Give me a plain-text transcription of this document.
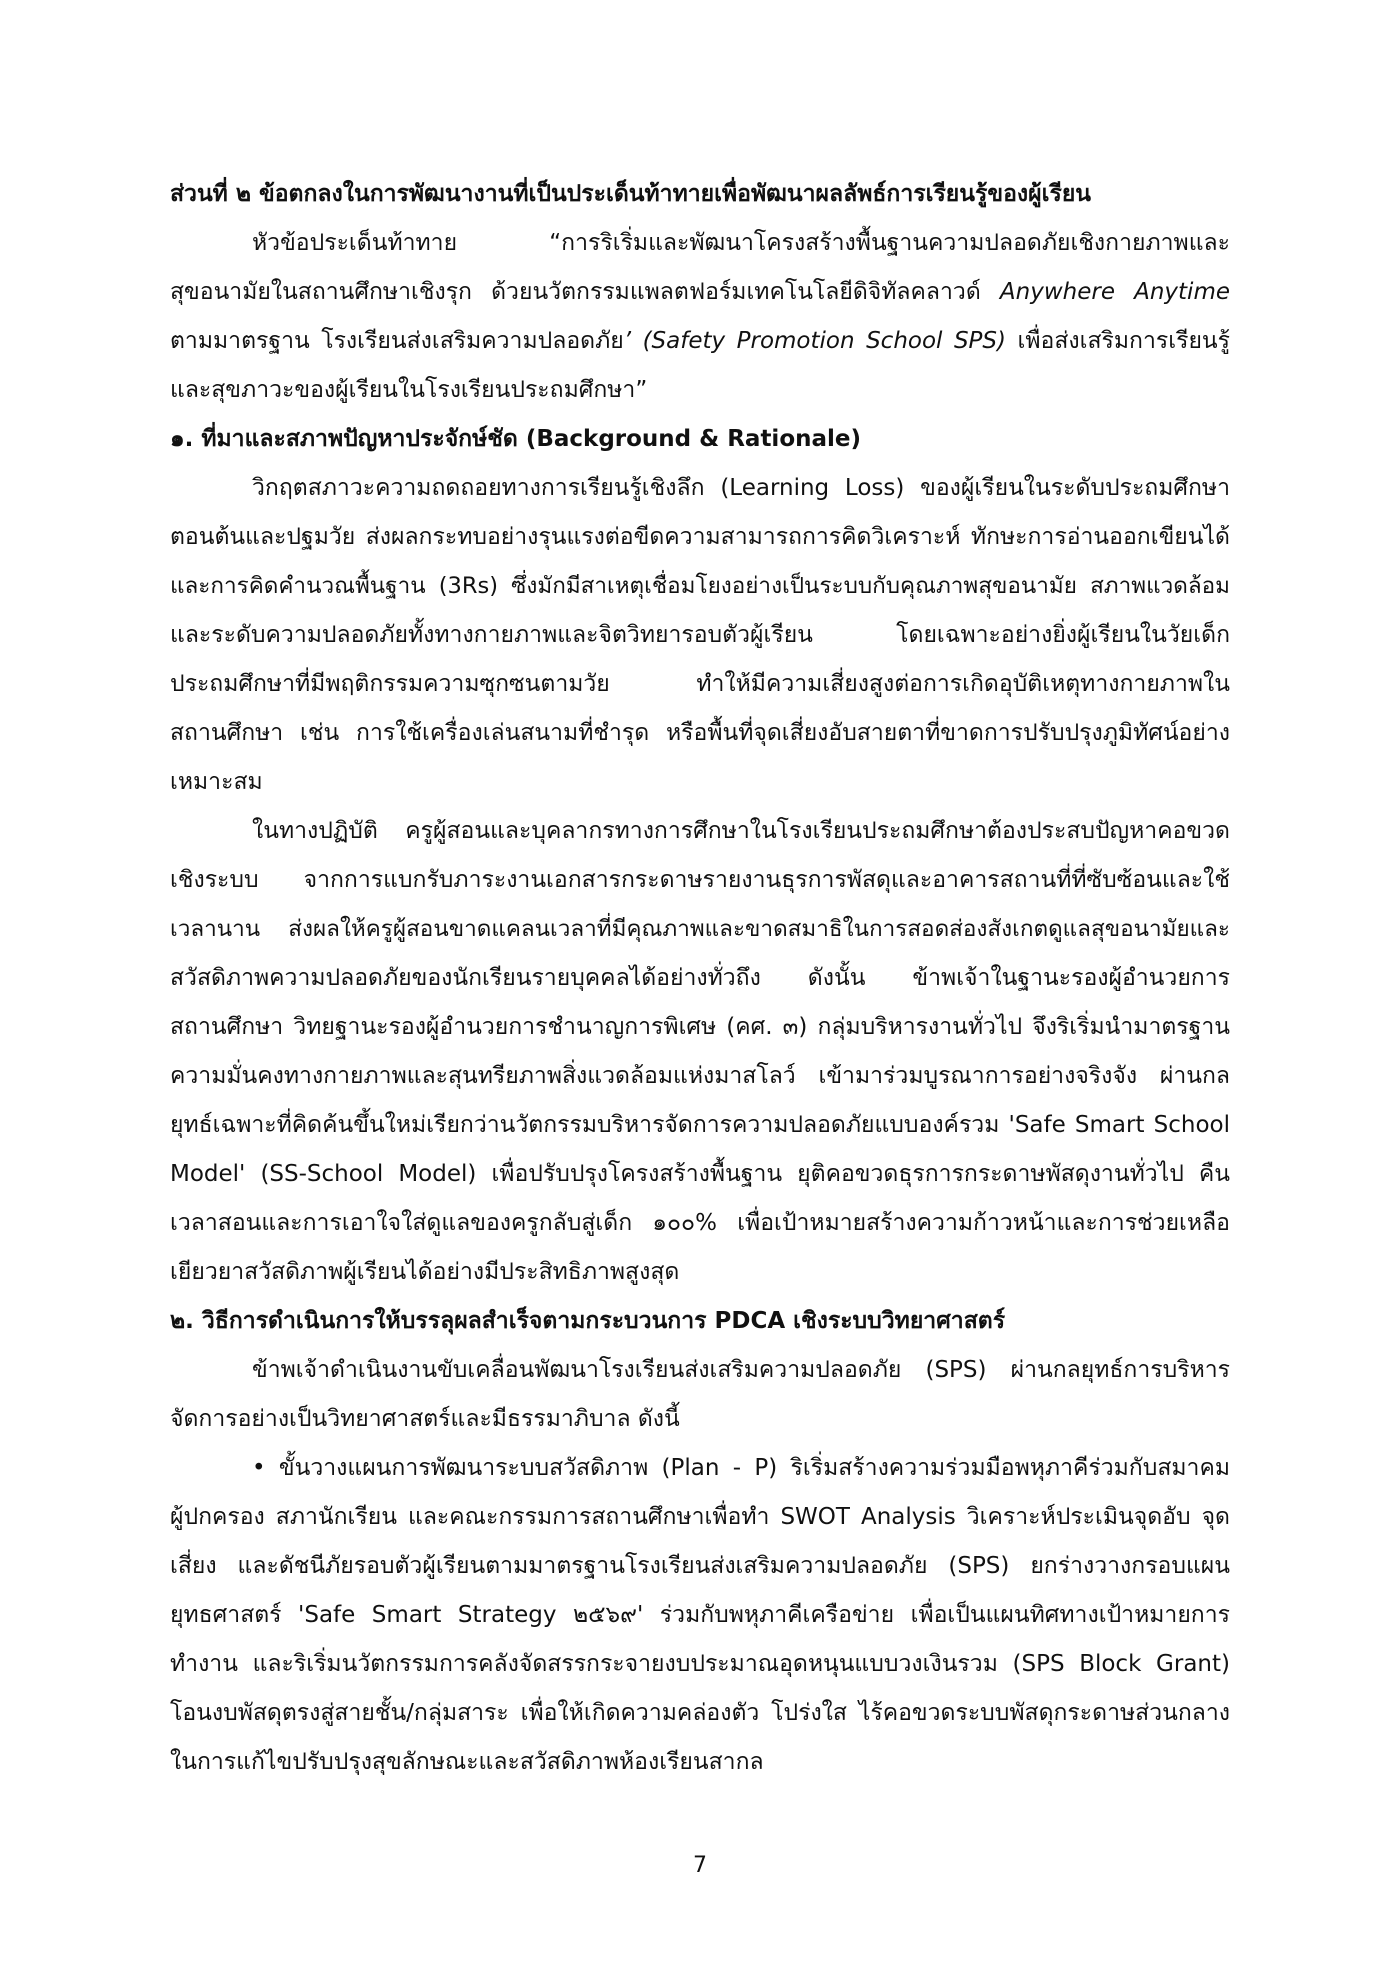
ส่วนที่ ๒ ข้อตกลงในการพัฒนางานที่เป็นประเด็นท้าทายเพื่อพัฒนาผลลัพธ์การเรียนรู้ของผู้เรียน

หัวข้อประเด็นท้าทาย “การริเริ่มและพัฒนาโครงสร้างพื้นฐานความปลอดภัยเชิงกายภาพและ

สุขอนามัยในสถานศึกษาเชิงรุก ด้วยนวัตกรรมแพลตฟอร์มเทคโนโลยีดิจิทัลคลาวด์ Anywhere Anytime

ตามมาตรฐาน โรงเรียนส่งเสริมความปลอดภัย’ (Safety Promotion School SPS) เพื่อส่งเสริมการเรียนรู้

และสุขภาวะของผู้เรียนในโรงเรียนประถมศึกษา”

๑. ที่มาและสภาพปัญหาประจักษ์ชัด (Background & Rationale)

วิกฤตสภาวะความถดถอยทางการเรียนรู้เชิงลึก (Learning Loss) ของผู้เรียนในระดับประถมศึกษา

ตอนต้นและปฐมวัย ส่งผลกระทบอย่างรุนแรงต่อขีดความสามารถการคิดวิเคราะห์ ทักษะการอ่านออกเขียนได้

และการคิดคำนวณพื้นฐาน (3Rs) ซึ่งมักมีสาเหตุเชื่อมโยงอย่างเป็นระบบกับคุณภาพสุขอนามัย สภาพแวดล้อม

และระดับความปลอดภัยทั้งทางกายภาพและจิตวิทยารอบตัวผู้เรียน โดยเฉพาะอย่างยิ่งผู้เรียนในวัยเด็ก

ประถมศึกษาที่มีพฤติกรรมความซุกซนตามวัย ทำให้มีความเสี่ยงสูงต่อการเกิดอุบัติเหตุทางกายภาพใน

สถานศึกษา เช่น การใช้เครื่องเล่นสนามที่ชำรุด หรือพื้นที่จุดเสี่ยงอับสายตาที่ขาดการปรับปรุงภูมิทัศน์อย่าง

เหมาะสม

ในทางปฏิบัติ ครูผู้สอนและบุคลากรทางการศึกษาในโรงเรียนประถมศึกษาต้องประสบปัญหาคอขวด

เชิงระบบ จากการแบกรับภาระงานเอกสารกระดาษรายงานธุรการพัสดุและอาคารสถานที่ที่ซับซ้อนและใช้

เวลานาน ส่งผลให้ครูผู้สอนขาดแคลนเวลาที่มีคุณภาพและขาดสมาธิในการสอดส่องสังเกตดูแลสุขอนามัยและ

สวัสดิภาพความปลอดภัยของนักเรียนรายบุคคลได้อย่างทั่วถึง ดังนั้น ข้าพเจ้าในฐานะรองผู้อำนวยการ

สถานศึกษา วิทยฐานะรองผู้อำนวยการชำนาญการพิเศษ (คศ. ๓) กลุ่มบริหารงานทั่วไป จึงริเริ่มนำมาตรฐาน

ความมั่นคงทางกายภาพและสุนทรียภาพสิ่งแวดล้อมแห่งมาสโลว์ เข้ามาร่วมบูรณาการอย่างจริงจัง ผ่านกล

ยุทธ์เฉพาะที่คิดค้นขึ้นใหม่เรียกว่านวัตกรรมบริหารจัดการความปลอดภัยแบบองค์รวม 'Safe Smart School

Model' (SS-School Model) เพื่อปรับปรุงโครงสร้างพื้นฐาน ยุติคอขวดธุรการกระดาษพัสดุงานทั่วไป คืน

เวลาสอนและการเอาใจใส่ดูแลของครูกลับสู่เด็ก ๑๐๐% เพื่อเป้าหมายสร้างความก้าวหน้าและการช่วยเหลือ

เยียวยาสวัสดิภาพผู้เรียนได้อย่างมีประสิทธิภาพสูงสุด

๒. วิธีการดำเนินการให้บรรลุผลสำเร็จตามกระบวนการ PDCA เชิงระบบวิทยาศาสตร์

ข้าพเจ้าดำเนินงานขับเคลื่อนพัฒนาโรงเรียนส่งเสริมความปลอดภัย (SPS) ผ่านกลยุทธ์การบริหาร

จัดการอย่างเป็นวิทยาศาสตร์และมีธรรมาภิบาล ดังนี้

• ขั้นวางแผนการพัฒนาระบบสวัสดิภาพ (Plan - P) ริเริ่มสร้างความร่วมมือพหุภาคีร่วมกับสมาคม

ผู้ปกครอง สภานักเรียน และคณะกรรมการสถานศึกษาเพื่อทำ SWOT Analysis วิเคราะห์ประเมินจุดอับ จุด

เสี่ยง และดัชนีภัยรอบตัวผู้เรียนตามมาตรฐานโรงเรียนส่งเสริมความปลอดภัย (SPS) ยกร่างวางกรอบแผน

ยุทธศาสตร์ 'Safe Smart Strategy ๒๕๖๙' ร่วมกับพหุภาคีเครือข่าย เพื่อเป็นแผนทิศทางเป้าหมายการ

ทำงาน และริเริ่มนวัตกรรมการคลังจัดสรรกระจายงบประมาณอุดหนุนแบบวงเงินรวม (SPS Block Grant)

โอนงบพัสดุตรงสู่สายชั้น/กลุ่มสาระ เพื่อให้เกิดความคล่องตัว โปร่งใส ไร้คอขวดระบบพัสดุกระดาษส่วนกลาง

ในการแก้ไขปรับปรุงสุขลักษณะและสวัสดิภาพห้องเรียนสากล

7
